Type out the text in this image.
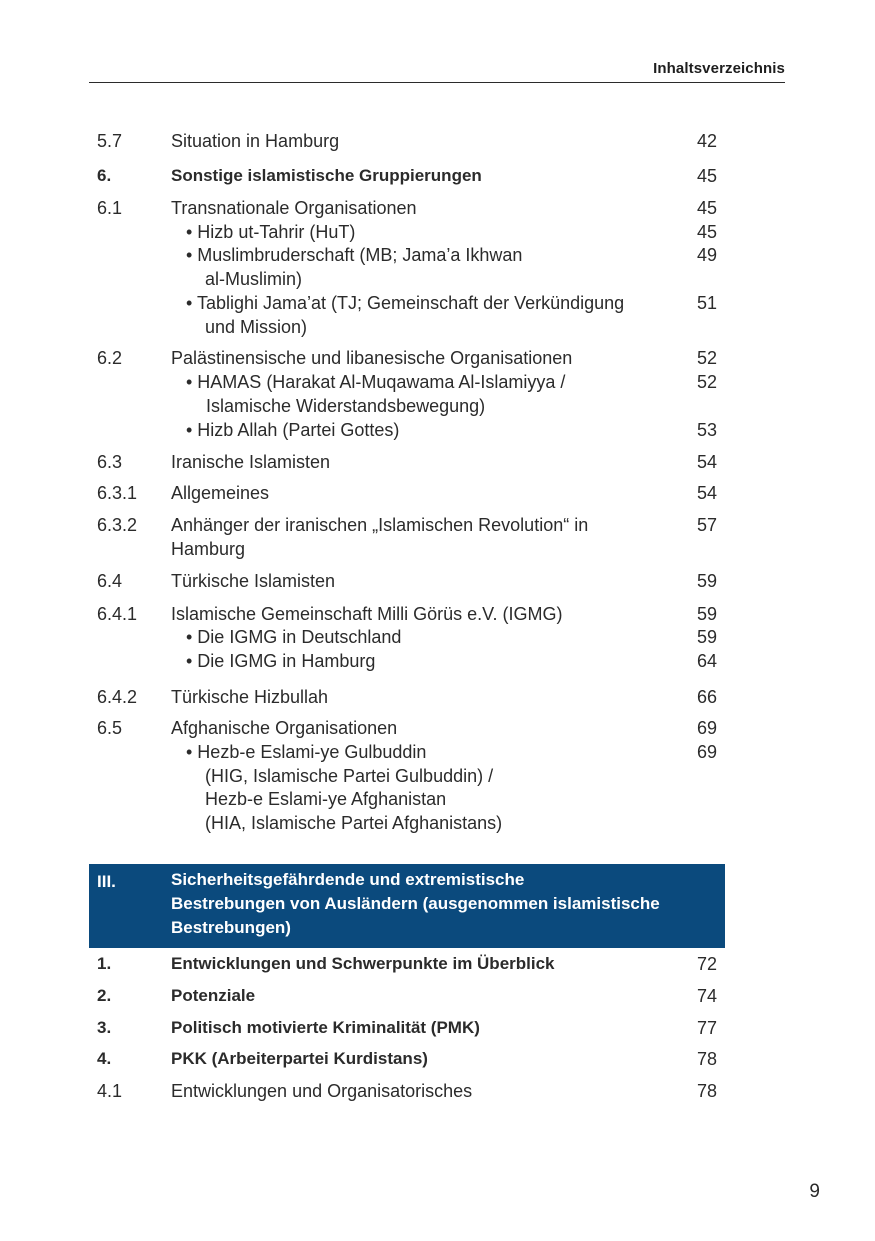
Inhaltsverzeichnis
5.7	Situation in Hamburg	42
6.	Sonstige islamistische Gruppierungen	45
6.1	Transnationale Organisationen	45
• Hizb ut-Tahrir (HuT)	45
• Muslimbruderschaft (MB; Jama’a Ikhwan	49
al-Muslimin)
• Tablighi Jama’at (TJ; Gemeinschaft der Verkündigung	51
und Mission)
6.2	Palästinensische und libanesische Organisationen	52
• HAMAS (Harakat Al-Muqawama Al-Islamiyya /	52
Islamische Widerstandsbewegung)
• Hizb Allah (Partei Gottes)	53
6.3	Iranische Islamisten	54
6.3.1 Allgemeines	54
6.3.2 Anhänger der iranischen „Islamischen Revolution“ in	57
Hamburg
6.4	Türkische Islamisten	59
6.4.1 Islamische Gemeinschaft Milli Görüs e.V. (IGMG)	59
• Die IGMG in Deutschland	59
• Die IGMG in Hamburg	64
6.4.2 Türkische Hizbullah	66
6.5	Afghanische Organisationen	69
• Hezb-e Eslami-ye Gulbuddin	69
(HIG, Islamische Partei Gulbuddin) /
Hezb-e Eslami-ye Afghanistan
(HIA, Islamische Partei Afghanistans)
III.	Sicherheitsgefährdende und extremistische
Bestrebungen von Ausländern (ausgenommen islamistische
Bestrebungen)
1.	Entwicklungen und Schwerpunkte im Überblick	72
2.	Potenziale	74
3.	Politisch motivierte Kriminalität (PMK)	77
4.	PKK (Arbeiterpartei Kurdistans)	78
4.1	Entwicklungen und Organisatorisches	78
9
